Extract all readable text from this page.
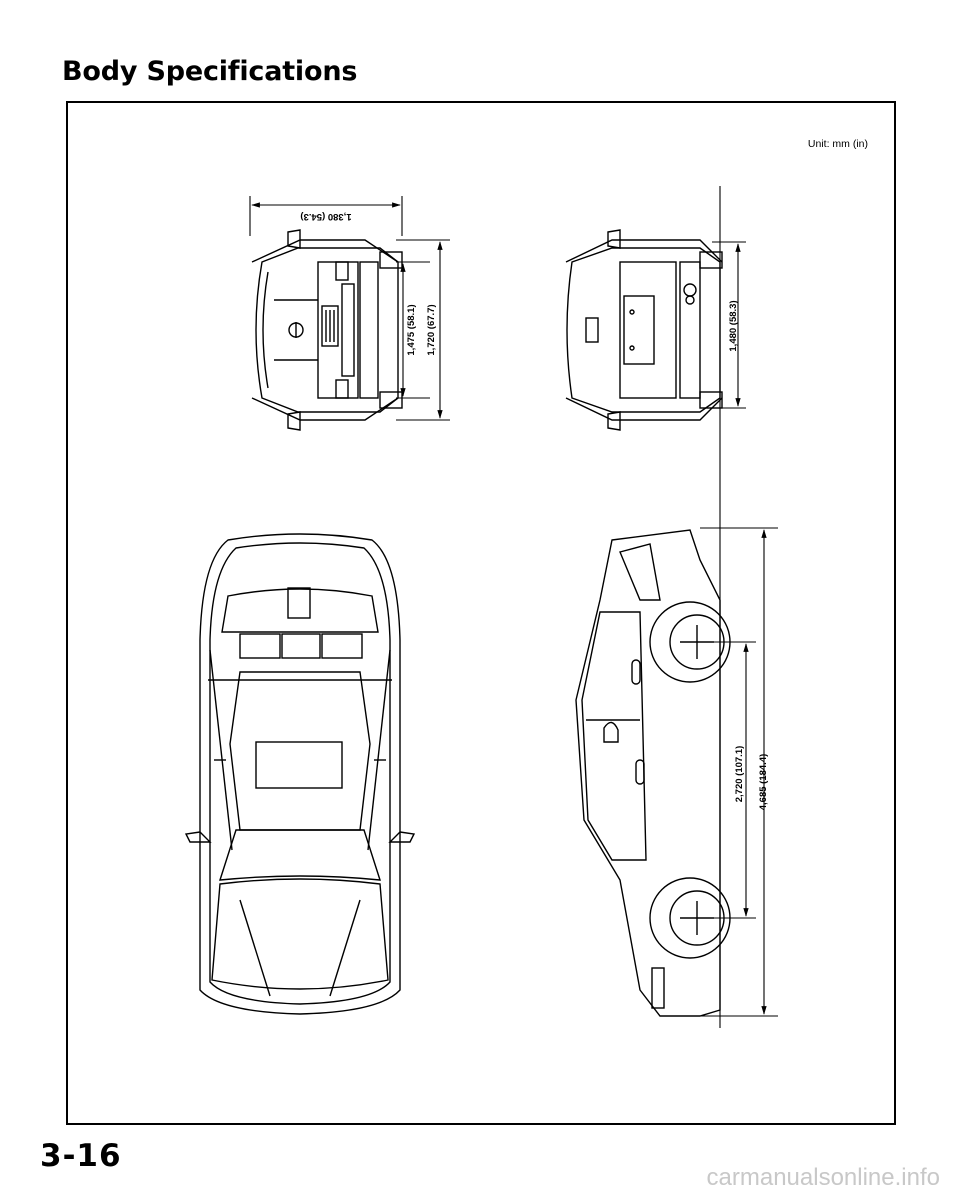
Body Specifications
Unit: mm (in)
1,380 (54.3)
1,475 (58.1) 1,720 (67.7)	1,480 (58.3)
2,720 (107.1) 4,685 (184.4)
3-16
carmanualsonline.info
